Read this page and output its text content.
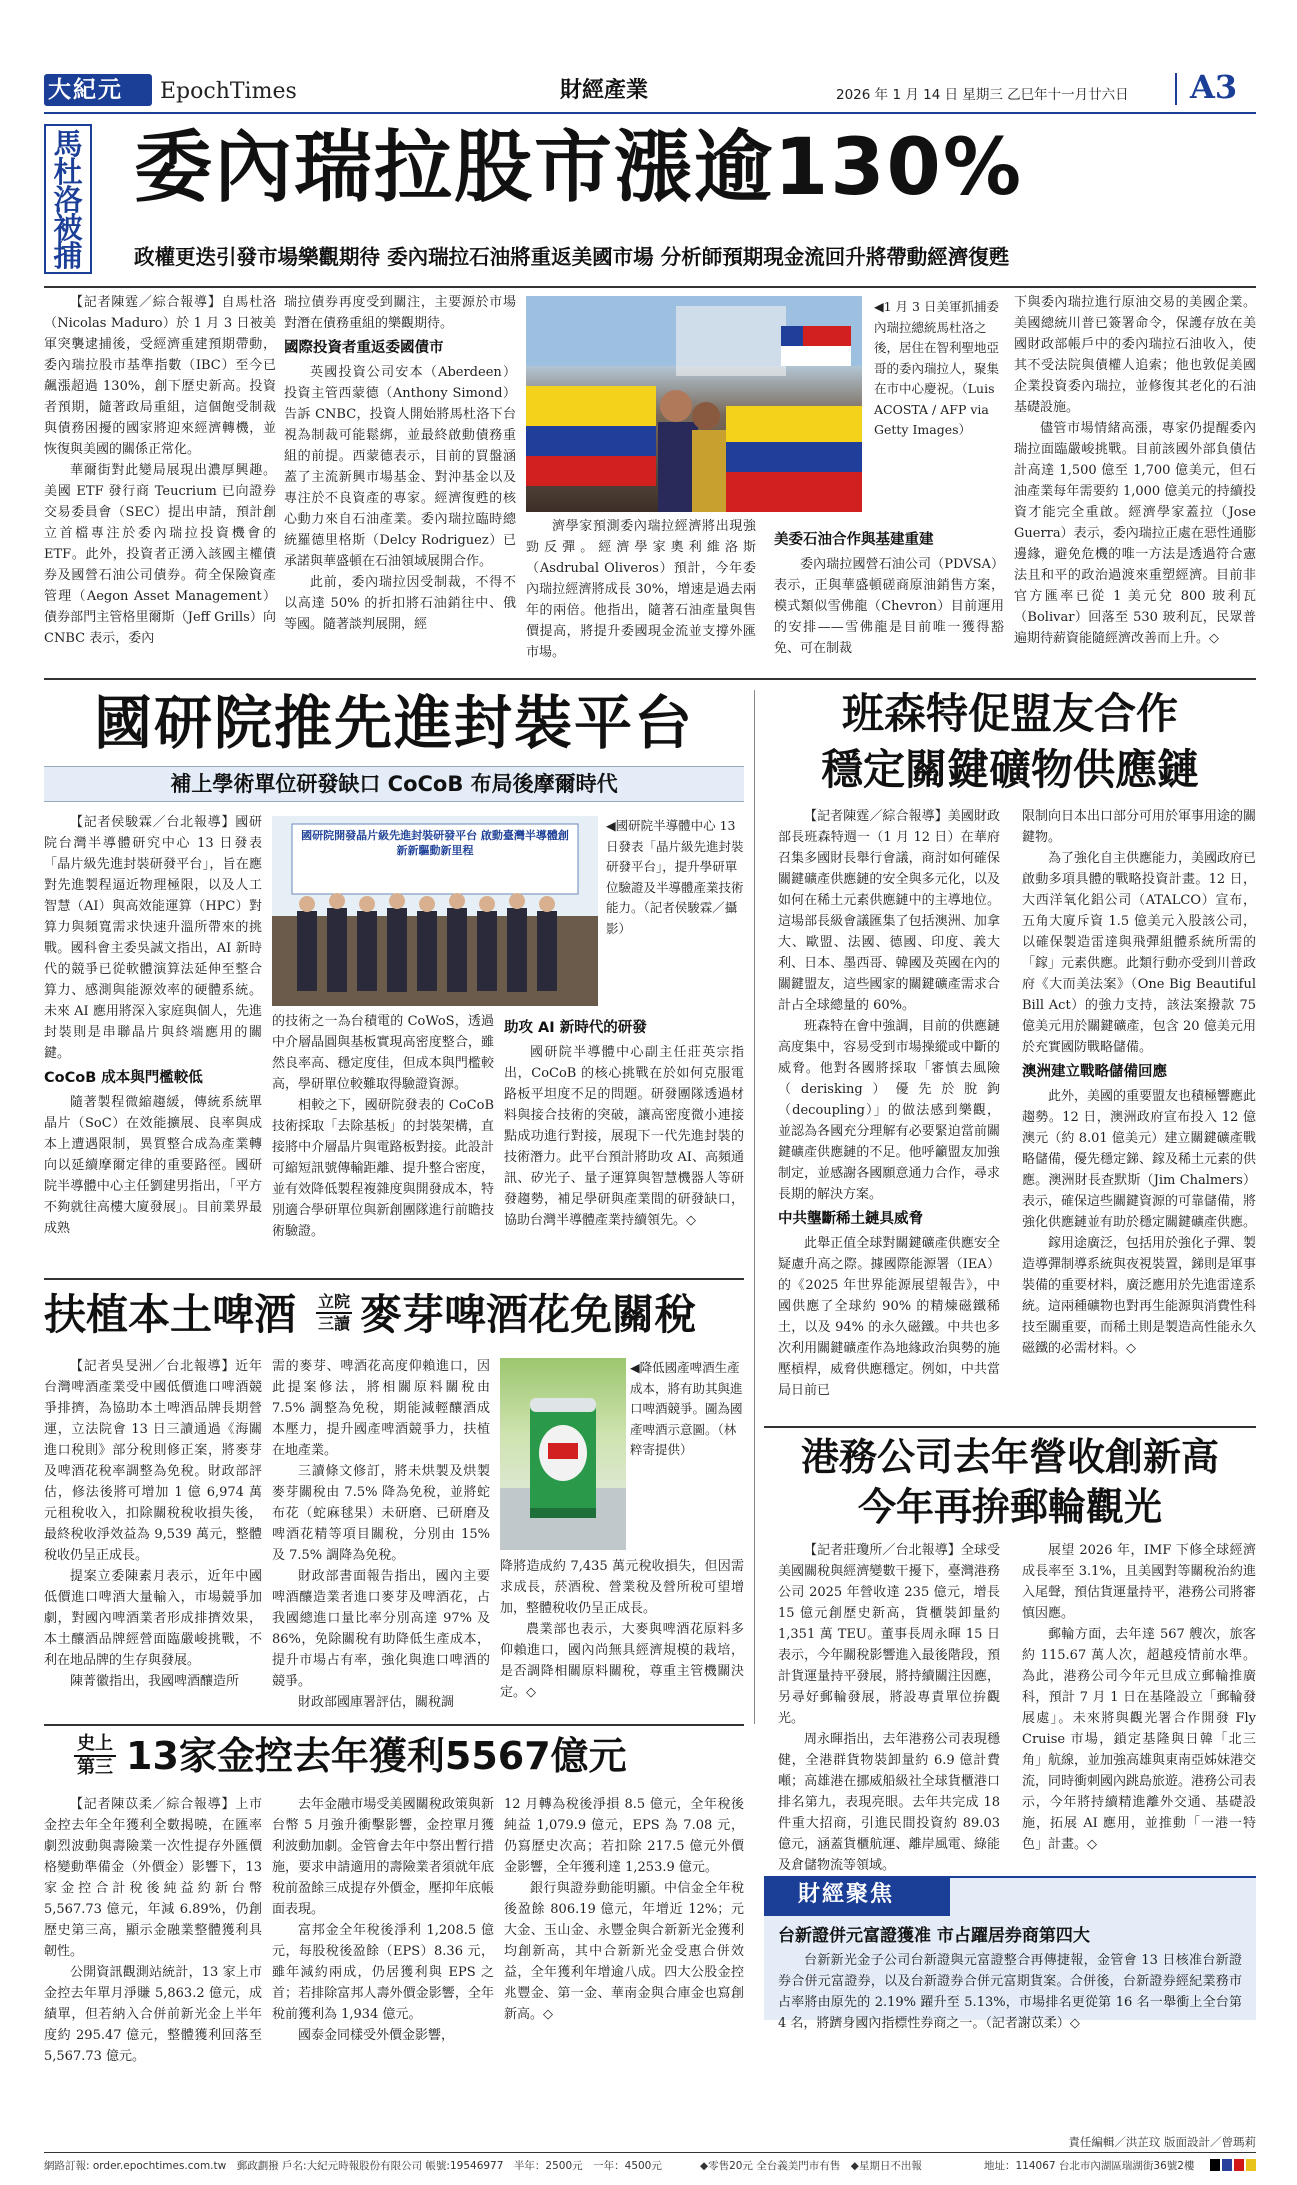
大紀元	EpochTimes	財經產業	2026 年 1 月 14 日 星期三 乙巳年十一月廿六日 A3
馬杜洛被捕
委內瑞拉股市漲逾130%
政權更迭引發市場樂觀期待 委內瑞拉石油將重返美國市場 分析師預期現金流回升將帶動經濟復甦

【記者陳霆／綜合報導】自馬杜洛（Nicolas Maduro）於 1 月 3 日被美軍突襲逮捕後，受經濟重建預期帶動，委內瑞拉股市基準指數（IBC）至今已飆漲超過 130%，創下歷史新高。投資者預期，隨著政局重組，這個飽受制裁與債務困擾的國家將迎來經濟轉機，並恢復與美國的關係正常化。

華爾街對此變局展現出濃厚興趣。美國 ETF 發行商 Teucrium 已向證券交易委員會（SEC）提出申請，預計創立首檔專注於委內瑞拉投資機會的 ETF。此外，投資者正湧入該國主權債券及國營石油公司債券。荷全保險資產管理（Aegon Asset Management）債券部門主管格里爾斯（Jeff Grills）向 CNBC 表示，委內

瑞拉債券再度受到關注，主要源於市場對潛在債務重組的樂觀期待。

國際投資者重返委國債市

英國投資公司安本（Aberdeen）投資主管西蒙德（Anthony Simond）告訴 CNBC，投資人開始將馬杜洛下台視為制裁可能鬆綁，並最終啟動債務重組的前提。西蒙德表示，目前的買盤涵蓋了主流新興市場基金、對沖基金以及專注於不良資產的專家。經濟復甦的核心動力來自石油產業。委內瑞拉臨時總統羅德里格斯（Delcy Rodriguez）已承諾與華盛頓在石油領域展開合作。

此前，委內瑞拉因受制裁，不得不以高達 50% 的折扣將石油銷往中、俄等國。隨著談判展開，經

◀1 月 3 日美軍抓捕委內瑞拉總統馬杜洛之後，居住在智利聖地亞哥的委內瑞拉人，聚集在市中心慶祝。（Luis ACOSTA / AFP via Getty Images）

濟學家預測委內瑞拉經濟將出現強勁反彈。經濟學家奧利維洛斯（Asdrubal Oliveros）預計，今年委內瑞拉經濟將成長 30%，增速是過去兩年的兩倍。他指出，隨著石油產量與售價提高，將提升委國現金流並支撐外匯市場。

美委石油合作與基建重建

委內瑞拉國營石油公司（PDVSA）表示，正與華盛頓磋商原油銷售方案，模式類似雪佛龍（Chevron）目前運用的安排——雪佛龍是目前唯一獲得豁免、可在制裁

下與委內瑞拉進行原油交易的美國企業。美國總統川普已簽署命令，保護存放在美國財政部帳戶中的委內瑞拉石油收入，使其不受法院與債權人追索；他也敦促美國企業投資委內瑞拉，並修復其老化的石油基礎設施。

儘管市場情緒高漲，專家仍提醒委內瑞拉面臨嚴峻挑戰。目前該國外部負債估計高達 1,500 億至 1,700 億美元，但石油產業每年需要約 1,000 億美元的持續投資才能完全重啟。經濟學家蓋拉（Jose Guerra）表示，委內瑞拉正處在惡性通膨邊緣，避免危機的唯一方法是透過符合憲法且和平的政治過渡來重塑經濟。目前非官方匯率已從 1 美元兌 800 玻利瓦（Bolivar）回落至 530 玻利瓦，民眾普遍期待薪資能隨經濟改善而上升。◇

國研院推先進封裝平台
補上學術單位研發缺口 CoCoB 布局後摩爾時代

【記者侯駿霖／台北報導】國研院台灣半導體研究中心 13 日發表「晶片級先進封裝研發平台」，旨在應對先進製程逼近物理極限，以及人工智慧（AI）與高效能運算（HPC）對算力與頻寬需求快速升溫所帶來的挑戰。國科會主委吳誠文指出，AI 新時代的競爭已從軟體演算法延伸至整合算力、感測與能源效率的硬體系統。未來 AI 應用將深入家庭與個人，先進封裝則是串聯晶片與終端應用的關鍵。

CoCoB 成本與門檻較低

隨著製程微縮趨緩，傳統系統單晶片（SoC）在效能擴展、良率與成本上遭遇限制，異質整合成為產業轉向以延續摩爾定律的重要路徑。國研院半導體中心主任劉建男指出，「平方不夠就往高樓大廈發展」。目前業界最成熟

國研院開發晶片級先進封裝研發平台 啟動臺灣半導體創新新驅動新里程
◀國研院半導體中心 13 日發表「晶片級先進封裝研發平台」，提升學研單位驗證及半導體產業技術能力。（記者侯駿霖／攝影）

的技術之一為台積電的 CoWoS，透過中介層晶圓與基板實現高密度整合，雖然良率高、穩定度佳，但成本與門檻較高，學研單位較難取得驗證資源。

相較之下，國研院發表的 CoCoB 技術採取「去除基板」的封裝架構，直接將中介層晶片與電路板對接。此設計可縮短訊號傳輸距離、提升整合密度，並有效降低製程複雜度與開發成本，特別適合學研單位與新創團隊進行前瞻技術驗證。

助攻 AI 新時代的研發

國研院半導體中心副主任莊英宗指出，CoCoB 的核心挑戰在於如何克服電路板平坦度不足的問題。研發團隊透過材料與接合技術的突破，讓高密度微小連接點成功進行對接，展現下一代先進封裝的技術潛力。此平台預計將助攻 AI、高頻通訊、矽光子、量子運算與智慧機器人等研發趨勢，補足學研與產業間的研發缺口，協助台灣半導體產業持續領先。◇

班森特促盟友合作
穩定關鍵礦物供應鏈

【記者陳霆／綜合報導】美國財政部長班森特週一（1 月 12 日）在華府召集多國財長舉行會議，商討如何確保關鍵礦產供應鏈的安全與多元化，以及如何在稀土元素供應鏈中的主導地位。這場部長級會議匯集了包括澳洲、加拿大、歐盟、法國、德國、印度、義大利、日本、墨西哥、韓國及英國在內的關鍵盟友，這些國家的關鍵礦產需求合計占全球總量的 60%。

班森特在會中強調，目前的供應鏈高度集中，容易受到市場操縱或中斷的威脅。他對各國將採取「審慎去風險（derisking）優先於脫鉤（decoupling）」的做法感到樂觀，並認為各國充分理解有必要緊迫當前關鍵礦產供應鏈的不足。他呼籲盟友加強制定，並感謝各國願意通力合作，尋求長期的解決方案。

中共壟斷稀土鏈具威脅

此舉正值全球對關鍵礦產供應安全疑慮升高之際。據國際能源署（IEA）的《2025 年世界能源展望報告》，中國供應了全球約 90% 的精煉磁鐵稀土，以及 94% 的永久磁鐵。中共也多次利用關鍵礦產作為地緣政治與勢的施壓槓桿，威脅供應穩定。例如，中共當局日前已

限制向日本出口部分可用於軍事用途的關鍵物。

為了強化自主供應能力，美國政府已啟動多項具體的戰略投資計畫。12 日，大西洋氧化鋁公司（ATALCO）宣布，五角大廈斥資 1.5 億美元入股該公司，以確保製造雷達與飛彈組體系統所需的「鎵」元素供應。此類行動亦受到川普政府《大而美法案》（One Big Beautiful Bill Act）的強力支持，該法案撥款 75 億美元用於關鍵礦產，包含 20 億美元用於充實國防戰略儲備。

澳洲建立戰略儲備回應

此外，美國的重要盟友也積極響應此趨勢。12 日，澳洲政府宣布投入 12 億澳元（約 8.01 億美元）建立關鍵礦產戰略儲備，優先穩定銻、鎵及稀土元素的供應。澳洲財長查默斯（Jim Chalmers）表示，確保這些關鍵資源的可靠儲備，將強化供應鏈並有助於穩定關鍵礦產供應。

鎵用途廣泛，包括用於強化子彈、製造導彈制導系統與夜視裝置，銻則是軍事裝備的重要材料，廣泛應用於先進雷達系統。這兩種礦物也對再生能源與消費性科技至關重要，而稀土則是製造高性能永久磁鐵的必需材料。◇

扶植本土啤酒 立院
三讀 麥芽啤酒花免關稅

【記者吳旻洲／台北報導】近年台灣啤酒產業受中國低價進口啤酒競爭排擠，為協助本土啤酒品牌長期營運，立法院會 13 日三讀通過《海關進口稅則》部分稅則修正案，將麥芽及啤酒花稅率調整為免稅。財政部評估，修法後將可增加 1 億 6,974 萬元租稅收入，扣除關稅稅收損失後，最終稅收淨效益為 9,539 萬元，整體稅收仍呈正成長。

提案立委陳素月表示，近年中國低價進口啤酒大量輸入，市場競爭加劇，對國內啤酒業者形成排擠效果，本土釀酒品牌經營面臨嚴峻挑戰，不利在地品牌的生存與發展。

陳菁徽指出，我國啤酒釀造所

需的麥芽、啤酒花高度仰賴進口，因此提案修法，將相關原料關稅由 7.5% 調整為免稅，期能減輕釀酒成本壓力，提升國產啤酒競爭力，扶植在地產業。

三讀條文修訂，將未烘製及烘製麥芽關稅由 7.5% 降為免稅，並將蛇布花（蛇麻毬果）未研磨、已研磨及啤酒花精等項目關稅，分別由 15% 及 7.5% 調降為免稅。

財政部書面報告指出，國內主要啤酒釀造業者進口麥芽及啤酒花，占我國總進口量比率分別高達 97% 及 86%，免除關稅有助降低生產成本，提升市場占有率，強化與進口啤酒的競爭。

財政部國庫署評估，關稅調

◀降低國產啤酒生產成本，將有助其與進口啤酒競爭。圖為國產啤酒示意圖。（林粹寄提供）

降將造成約 7,435 萬元稅收損失，但因需求成長，菸酒稅、營業稅及營所稅可望增加，整體稅收仍呈正成長。

農業部也表示，大麥與啤酒花原料多仰賴進口，國內尚無具經濟規模的栽培，是否調降相關原料關稅，尊重主管機關決定。◇

港務公司去年營收創新高
今年再拚郵輪觀光

【記者莊瓊所／台北報導】全球受美國關稅與經濟變數干擾下，臺灣港務公司 2025 年營收達 235 億元，增長 15 億元創歷史新高，貨櫃裝卸量約 1,351 萬 TEU。董事長周永暉 15 日表示，今年關稅影響進入最後階段，預計貨運量持平發展，將持續關注因應，另尋好郵輪發展，將設專責單位拚觀光。

周永暉指出，去年港務公司表現穩健，全港群貨物裝卸量約 6.9 億計費噸；高雄港在挪威船級社全球貨櫃港口排名第九，表現亮眼。去年共完成 18 件重大招商，引進民間投資約 89.03 億元，涵蓋貨櫃航運、離岸風電、綠能及倉儲物流等領域。

展望 2026 年，IMF 下修全球經濟成長率至 3.1%，且美國對等關稅治約進入尾聲，預估貨運量持平，港務公司將審慎因應。

郵輪方面，去年達 567 艘次，旅客約 115.67 萬人次，超越疫情前水準。為此，港務公司今年元旦成立郵輪推廣科，預計 7 月 1 日在基隆設立「郵輪發展處」。未來將與觀光署合作開發 Fly Cruise 市場，鎖定基隆與日韓「北三角」航線，並加強高雄與東南亞姊妹港交流，同時衝刺國內跳島旅遊。港務公司表示，今年將持續精進離外交通、基礎設施，拓展 AI 應用，並推動「一港一特色」計畫。◇

史上
第三 13家金控去年獲利5567億元

【記者陳苡柔／綜合報導】上市金控去年全年獲利全數揭曉，在匯率劇烈波動與壽險業一次性提存外匯價格變動準備金（外價金）影響下，13 家金控合計稅後純益約新台幣 5,567.73 億元，年減 6.89%，仍創歷史第三高，顯示金融業整體獲利具韌性。

公開資訊觀測站統計，13 家上市金控去年單月淨賺 5,863.2 億元，成績單，但若納入合併前新光金上半年度約 295.47 億元，整體獲利回落至 5,567.73 億元。

去年金融市場受美國關稅政策與新台幣 5 月強升衝擊影響，金控單月獲利波動加劇。金管會去年中祭出暫行措施，要求申請適用的壽險業者須就年底稅前盈餘三成提存外價金，壓抑年底帳面表現。

富邦金全年稅後淨利 1,208.5 億元，每股稅後盈餘（EPS）8.36 元，雖年減約兩成，仍居獲利與 EPS 之首；若排除富邦人壽外價金影響，全年稅前獲利為 1,934 億元。

國泰金同樣受外價金影響，

12 月轉為稅後淨損 8.5 億元，全年稅後純益 1,079.9 億元，EPS 為 7.08 元，仍寫歷史次高；若扣除 217.5 億元外價金影響，全年獲利達 1,253.9 億元。

銀行與證券動能明顯。中信金全年稅後盈餘 806.19 億元，年增近 12%；元大金、玉山金、永豐金與合新新光金獲利均創新高，其中合新新光金受惠合併效益，全年獲利年增逾八成。四大公股金控兆豐金、第一金、華南金與合庫金也寫創新高。◇

財經聚焦
台新證併元富證獲准 市占躍居券商第四大

台新新光金子公司台新證與元富證整合再傳捷報，金管會 13 日核准台新證券合併元富證券，以及台新證券合併元富期貨案。合併後，台新證券經紀業務市占率將由原先的 2.19% 躍升至 5.13%，市場排名更從第 16 名一舉衝上全台第 4 名，將躋身國內指標性券商之一。（記者謝苡柔）◇

責任編輯／洪芷玟 版面設計／曾瑪莉
網路訂報: order.epochtimes.com.tw　郵政劃撥 戶名:大紀元時報股份有限公司 帳號:19546977　半年：2500元　一年：4500元	◆零售20元 全台義美門市有售　◆星期日不出報	地址：114067 台北市內湖區瑞湖街36號2樓
